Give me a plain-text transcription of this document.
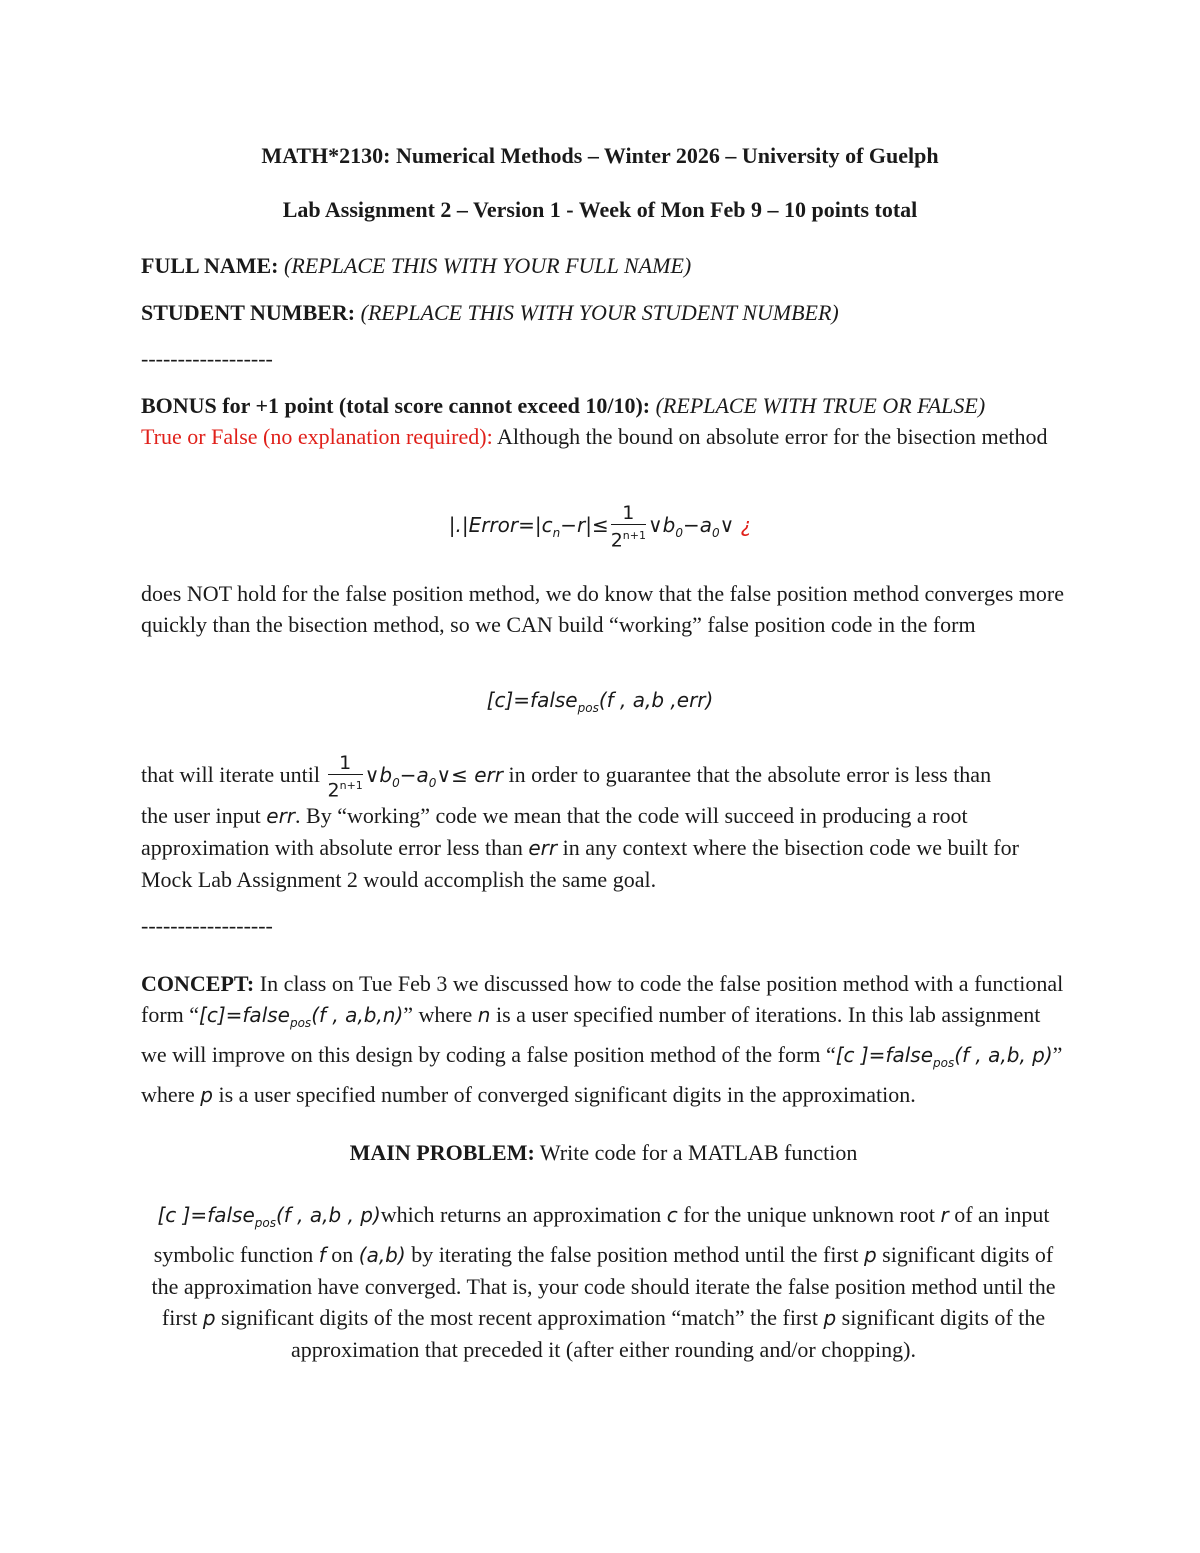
MATH*2130: Numerical Methods – Winter 2026 – University of Guelph

Lab Assignment 2 – Version 1 - Week of Mon Feb 9 – 10 points total

FULL NAME: (REPLACE THIS WITH YOUR FULL NAME)

STUDENT NUMBER: (REPLACE THIS WITH YOUR STUDENT NUMBER)

------------------

BONUS for +1 point (total score cannot exceed 10/10): (REPLACE WITH TRUE OR FALSE)
True or False (no explanation required): Although the bound on absolute error for the bisection method

$|.|Error=|c_n-r|\le \frac{1}{2^{n+1}}$ $\vee b_0-a_0\vee$ ¿

does NOT hold for the false position method, we do know that the false position method converges more quickly than the bisection method, so we CAN build “working” false position code in the form

[c]=false$_{pos}$(f , a,b ,err)

that will iterate until $\frac{1}{2^{n+1}}$ $\vee b_0-a_0\vee\le$ err in order to guarantee that the absolute error is less than

the user input err. By “working” code we mean that the code will succeed in producing a root approximation with absolute error less than err in any context where the bisection code we built for Mock Lab Assignment 2 would accomplish the same goal.

------------------

CONCEPT: In class on Tue Feb 3 we discussed how to code the false position method with a functional form “[c]=false$_{pos}$(f , a,b,n)” where n is a user specified number of iterations. In this lab assignment we will improve on this design by coding a false position method of the form “[c ]=false$_{pos}$(f , a,b, p)” where p is a user specified number of converged significant digits in the approximation.

MAIN PROBLEM: Write code for a MATLAB function

[c ]=false$_{pos}$(f , a,b , p)which returns an approximation c for the unique unknown root r of an input symbolic function f on (a,b) by iterating the false position method until the first p significant digits of the approximation have converged. That is, your code should iterate the false position method until the first p significant digits of the most recent approximation “match” the first p significant digits of the approximation that preceded it (after either rounding and/or chopping).
